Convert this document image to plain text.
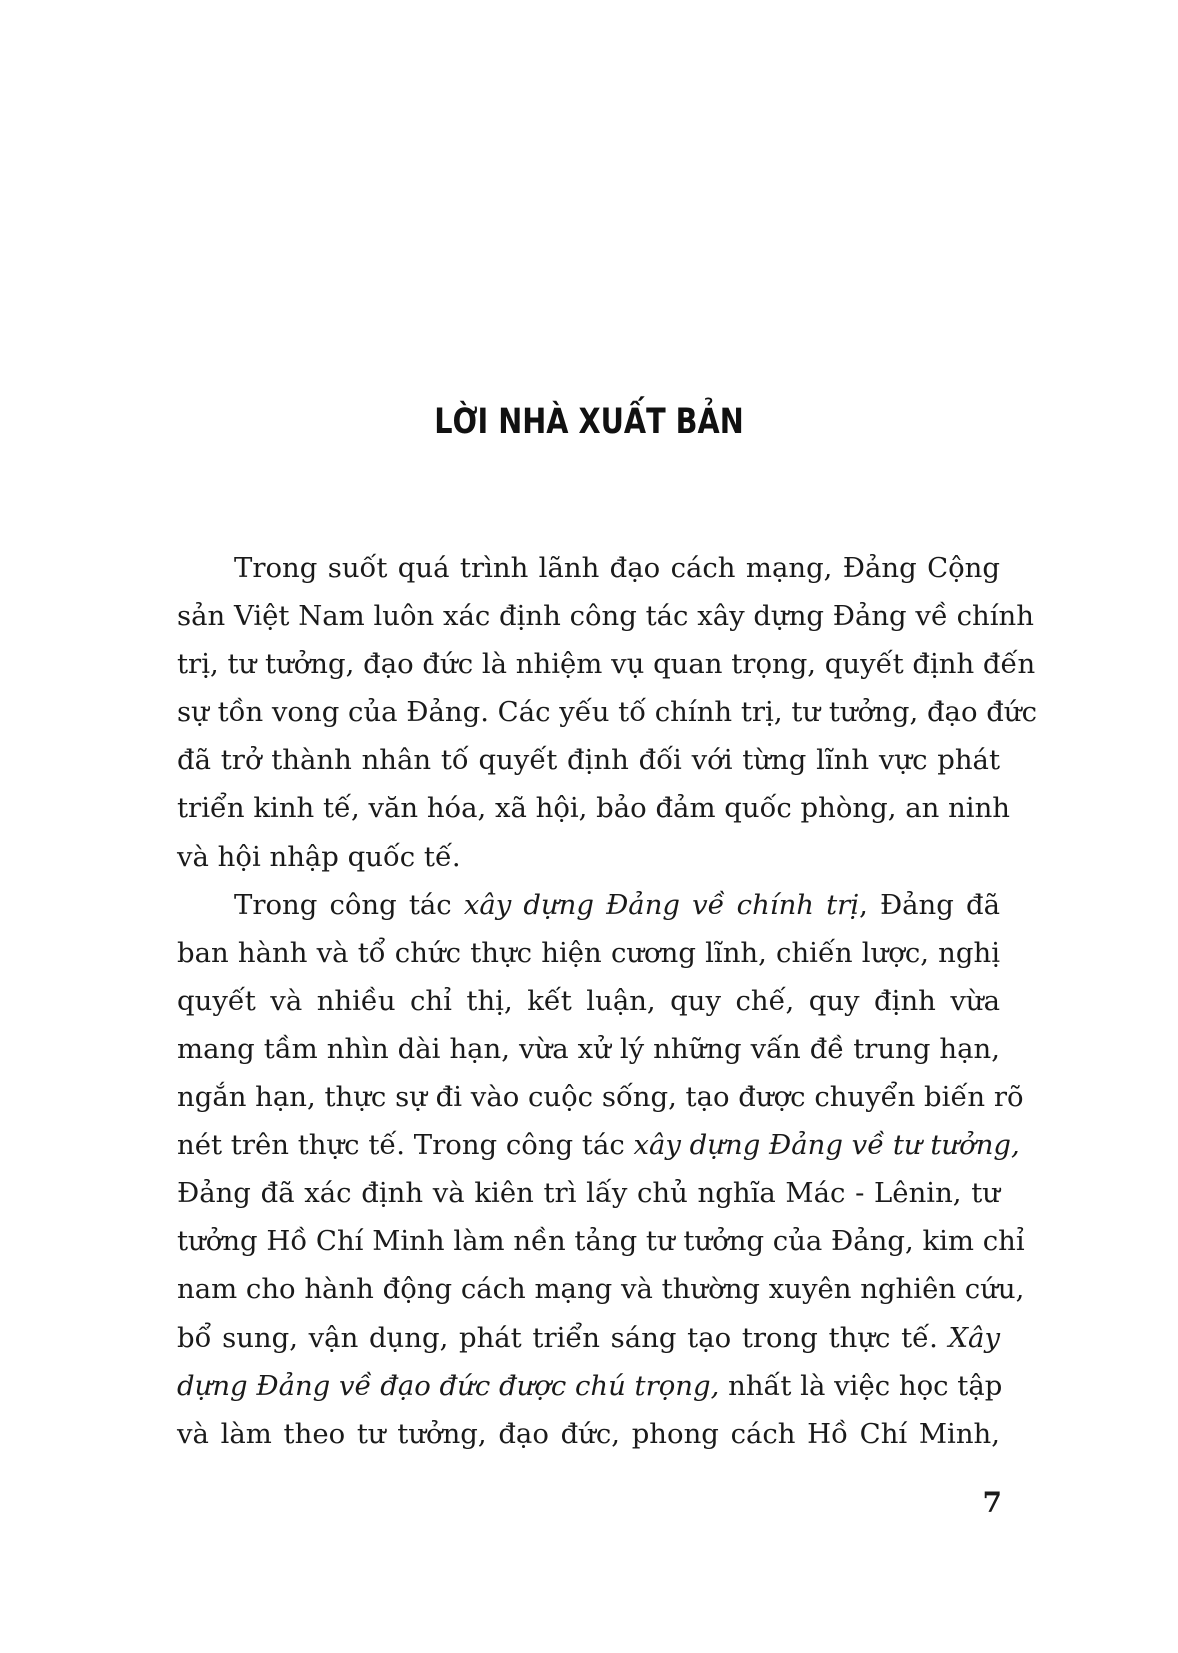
LỜI NHÀ XUẤT BẢN
Trong suốt quá trình lãnh đạo cách mạng, Đảng Cộng
sản Việt Nam luôn xác định công tác xây dựng Đảng về chính
trị, tư tưởng, đạo đức là nhiệm vụ quan trọng, quyết định đến
sự tồn vong của Đảng. Các yếu tố chính trị, tư tưởng, đạo đức
đã trở thành nhân tố quyết định đối với từng lĩnh vực phát
triển kinh tế, văn hóa, xã hội, bảo đảm quốc phòng, an ninh
và hội nhập quốc tế.
Trong công tác xây dựng Đảng về chính trị, Đảng đã
ban hành và tổ chức thực hiện cương lĩnh, chiến lược, nghị
quyết và nhiều chỉ thị, kết luận, quy chế, quy định vừa
mang tầm nhìn dài hạn, vừa xử lý những vấn đề trung hạn,
ngắn hạn, thực sự đi vào cuộc sống, tạo được chuyển biến rõ
nét trên thực tế. Trong công tác xây dựng Đảng về tư tưởng,
Đảng đã xác định và kiên trì lấy chủ nghĩa Mác - Lênin, tư
tưởng Hồ Chí Minh làm nền tảng tư tưởng của Đảng, kim chỉ
nam cho hành động cách mạng và thường xuyên nghiên cứu,
bổ sung, vận dụng, phát triển sáng tạo trong thực tế. Xây
dựng Đảng về đạo đức được chú trọng, nhất là việc học tập
và làm theo tư tưởng, đạo đức, phong cách Hồ Chí Minh,
7
